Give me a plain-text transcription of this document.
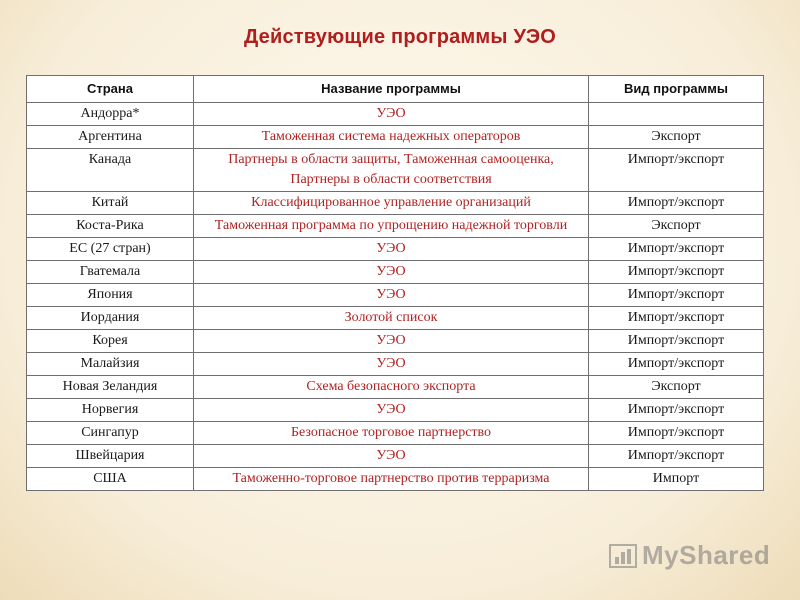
Действующие программы УЭО
Страна	Название программы	Вид программы
Андорра*	УЭО	
Аргентина	Таможенная система надежных операторов	Экспорт
Канада	Партнеры в области защиты, Таможенная самооценка, Партнеры в области соответствия	Импорт/экспорт
Китай	Классифицированное управление организаций	Импорт/экспорт
Коста-Рика	Таможенная программа по упрощению надежной торговли	Экспорт
ЕС (27 стран)	УЭО	Импорт/экспорт
Гватемала	УЭО	Импорт/экспорт
Япония	УЭО	Импорт/экспорт
Иордания	Золотой список	Импорт/экспорт
Корея	УЭО	Импорт/экспорт
Малайзия	УЭО	Импорт/экспорт
Новая Зеландия	Схема безопасного экспорта	Экспорт
Норвегия	УЭО	Импорт/экспорт
Сингапур	Безопасное торговое партнерство	Импорт/экспорт
Швейцария	УЭО	Импорт/экспорт
США	Таможенно-торговое партнерство против терраризма	Импорт
MyShared
